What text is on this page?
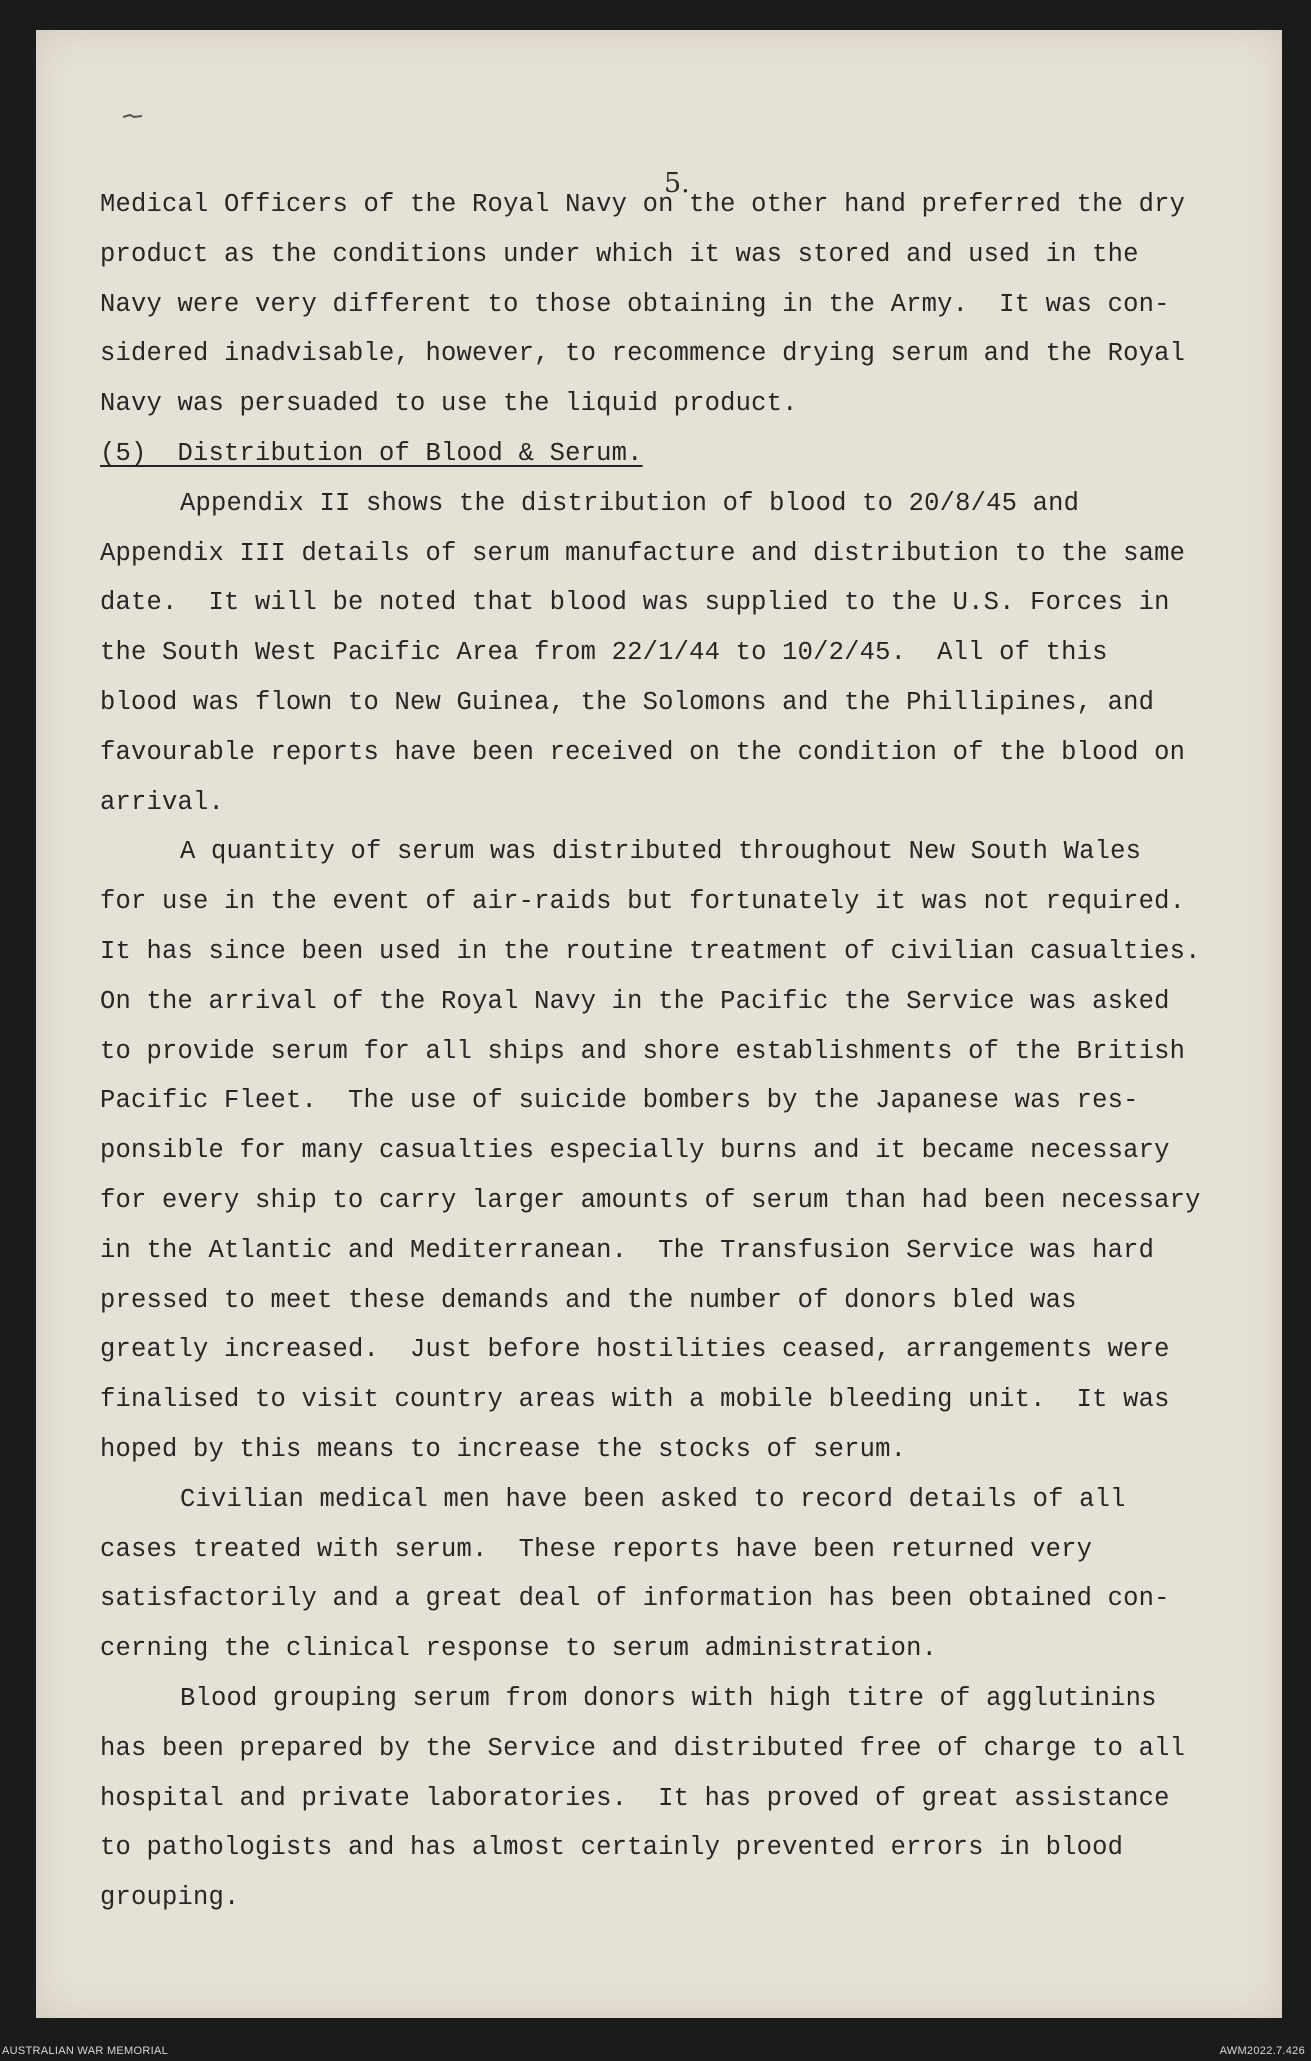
5.
Medical Officers of the Royal Navy on the other hand preferred the dry
product as the conditions under which it was stored and used in the
Navy were very different to those obtaining in the Army.  It was con-
sidered inadvisable, however, to recommence drying serum and the Royal
Navy was persuaded to use the liquid product.
(5)  Distribution of Blood & Serum.
Appendix II shows the distribution of blood to 20/8/45 and
Appendix III details of serum manufacture and distribution to the same
date.  It will be noted that blood was supplied to the U.S. Forces in
the South West Pacific Area from 22/1/44 to 10/2/45.  All of this
blood was flown to New Guinea, the Solomons and the Phillipines, and
favourable reports have been received on the condition of the blood on
arrival.
A quantity of serum was distributed throughout New South Wales
for use in the event of air-raids but fortunately it was not required.
It has since been used in the routine treatment of civilian casualties.
On the arrival of the Royal Navy in the Pacific the Service was asked
to provide serum for all ships and shore establishments of the British
Pacific Fleet.  The use of suicide bombers by the Japanese was res-
ponsible for many casualties especially burns and it became necessary
for every ship to carry larger amounts of serum than had been necessary
in the Atlantic and Mediterranean.  The Transfusion Service was hard
pressed to meet these demands and the number of donors bled was
greatly increased.  Just before hostilities ceased, arrangements were
finalised to visit country areas with a mobile bleeding unit.  It was
hoped by this means to increase the stocks of serum.
Civilian medical men have been asked to record details of all
cases treated with serum.  These reports have been returned very
satisfactorily and a great deal of information has been obtained con-
cerning the clinical response to serum administration.
Blood grouping serum from donors with high titre of agglutinins
has been prepared by the Service and distributed free of charge to all
hospital and private laboratories.  It has proved of great assistance
to pathologists and has almost certainly prevented errors in blood
grouping.
AUSTRALIAN WAR MEMORIAL	AWM2022.7.426
